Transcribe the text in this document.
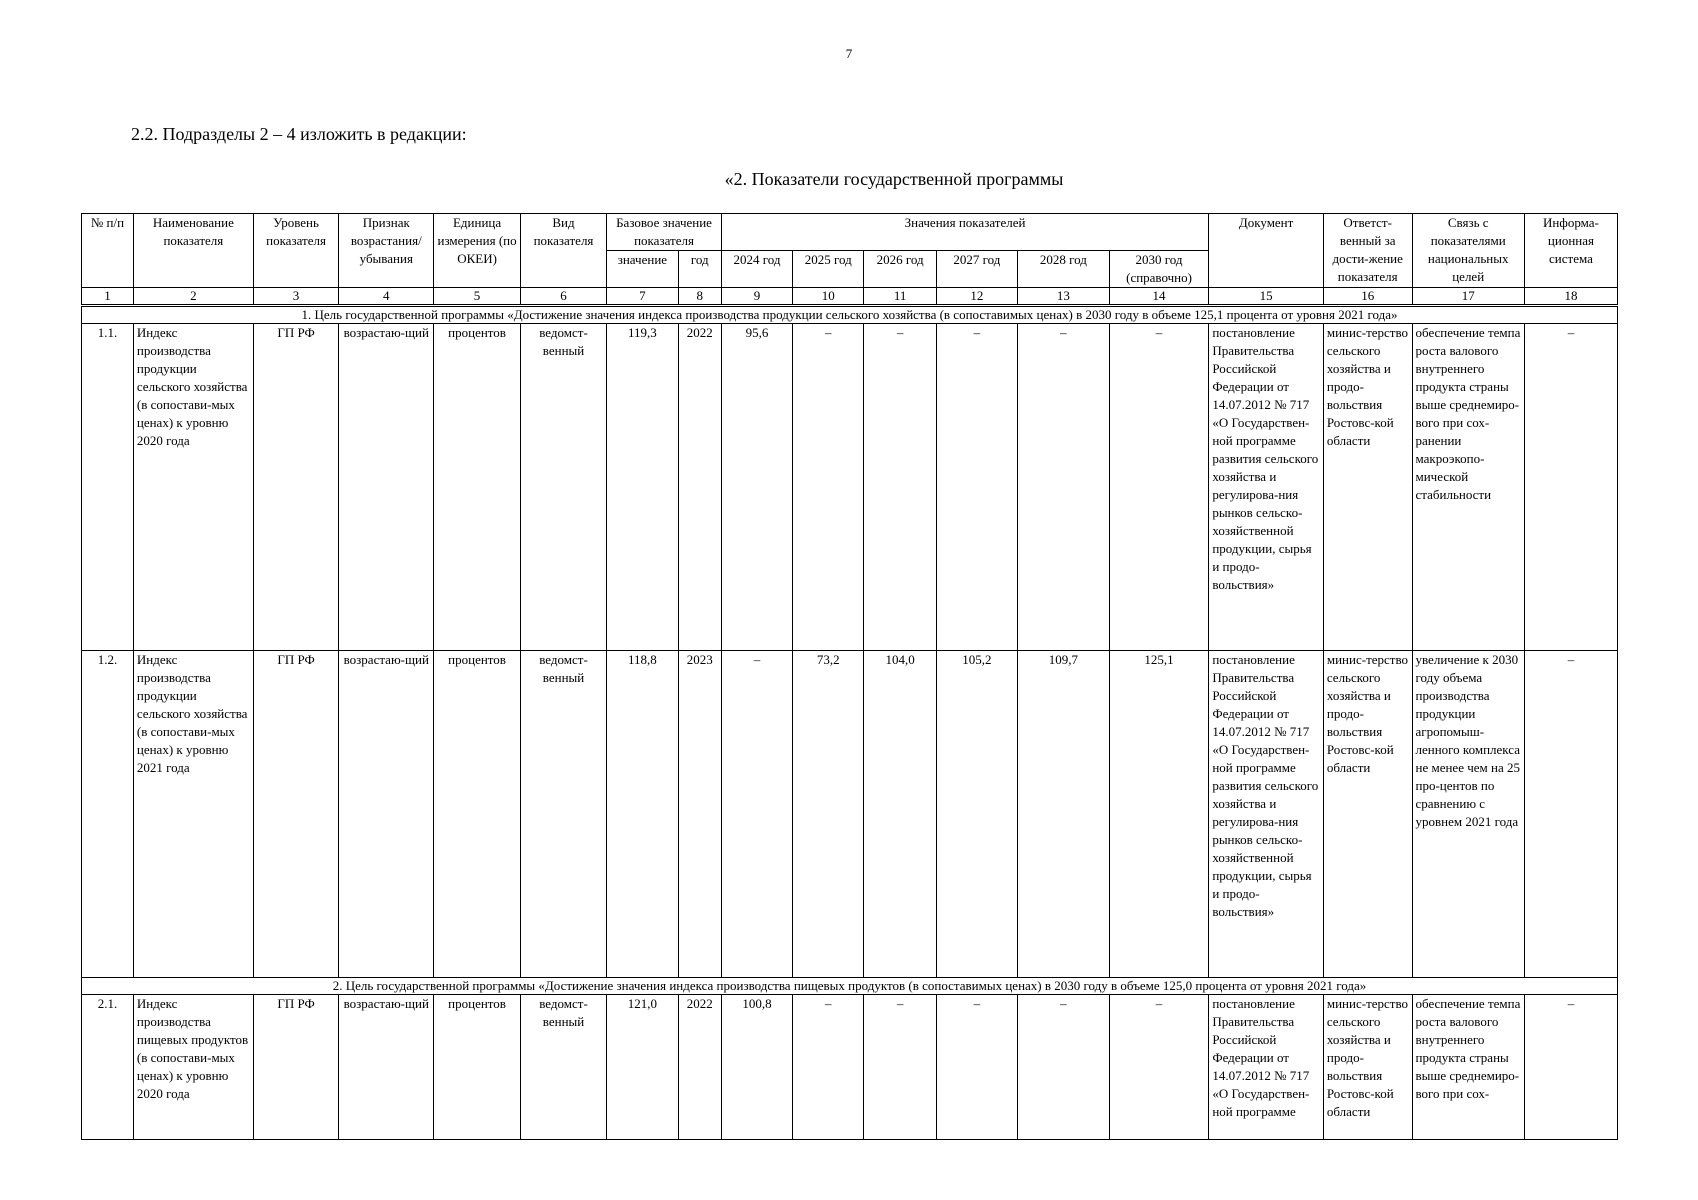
7
2.2. Подразделы 2 – 4 изложить в редакции:
«2. Показатели государственной программы
№ п/п	Наименование показателя	Уровень показателя	Признак возрастания/ убывания	Единица измерения (по ОКЕИ)	Вид показателя	Базовое значение показателя		Значения показателей						Документ	Ответст-венный за дости-жение показателя	Связь с показателями национальных целей	Информа-ционная система
						значение	год	2024 год	2025 год	2026 год	2027 год	2028 год	2030 год (справочно)				
1	2	3	4	5	6	7	8	9	10	11	12	13	14	15	16	17	18
1. Цель государственной программы «Достижение значения индекса производства продукции сельского хозяйства (в сопоставимых ценах) в 2030 году в объеме 125,1 процента от уровня 2021 года»																	
1.1.	Индекс производства продукции сельского хозяйства (в сопостави-мых ценах) к уровню 2020 года	ГП РФ	возрастаю-щий	процентов	ведомст-венный	119,3	2022	95,6	–	–	–	–	–	постановление Правительства Российской Федерации от 14.07.2012 № 717 «О Государствен-ной программе развития сельского хозяйства и регулирова-ния рынков сельско-хозяйственной продукции, сырья и продо-вольствия»	минис-терство сельского хозяйства и продо-вольствия Ростовс-кой области	обеспечение темпа роста валового внутреннего продукта страны выше среднемиро-вого при сох-ранении макроэкопо-мической стабильности	–
1.2.	Индекс производства продукции сельского хозяйства (в сопостави-мых ценах) к уровню 2021 года	ГП РФ	возрастаю-щий	процентов	ведомст-венный	118,8	2023	–	73,2	104,0	105,2	109,7	125,1	постановление Правительства Российской Федерации от 14.07.2012 № 717 «О Государствен-ной программе развития сельского хозяйства и регулирова-ния рынков сельско-хозяйственной продукции, сырья и продо-вольствия»	минис-терство сельского хозяйства и продо-вольствия Ростовс-кой области	увеличение к 2030 году объема производства продукции агропомыш-ленного комплекса не менее чем на 25 про-центов по сравнению с уровнем 2021 года	–
2. Цель государственной программы «Достижение значения индекса производства пищевых продуктов (в сопоставимых ценах) в 2030 году в объеме 125,0 процента от уровня 2021 года»																	
2.1.	Индекс производства пищевых продуктов (в сопостави-мых ценах) к уровню 2020 года	ГП РФ	возрастаю-щий	процентов	ведомст-венный	121,0	2022	100,8	–	–	–	–	–	постановление Правительства Российской Федерации от 14.07.2012 № 717 «О Государствен-ной программе	минис-терство сельского хозяйства и продо-вольствия Ростовс-кой области	обеспечение темпа роста валового внутреннего продукта страны выше среднемиро-вого при сох-	–
